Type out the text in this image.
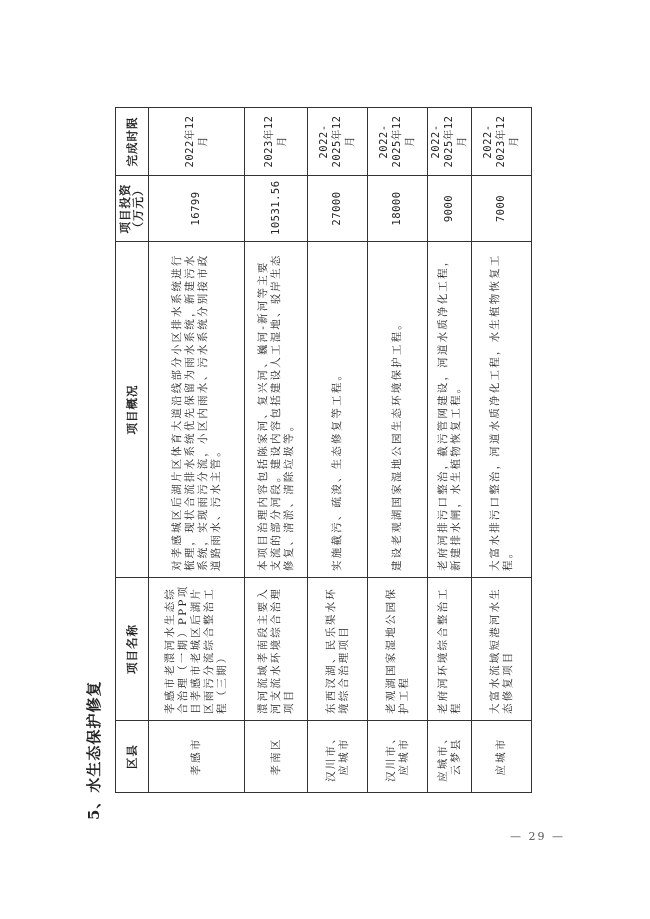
5、水生态保护修复 区县	项目名称	项目概况	项目投资（万元）	完成时限
孝感市	孝感市老澴河水生态综合治理（一期）PPP项目孝感市老城区后湖片区雨污分流综合整治工程（三期）	对孝感城区后湖片区体育大道沿线部分小区排水系统进行梳理，现状合流排水系统优先保留为雨水系统，新建污水系统，实现雨污分流，小区内雨水、污水系统分别接市政道路雨水、污水主管。	16799	2022年12月
孝南区	澴河流域孝南段主要入河支流水环境综合治理项目	本项目治理内容包括陈家河、复兴河、巍河-新河等主要支流的部分河段。建设内容包括建设人工湿地、驳岸生态修复、清淤、清除垃圾等。	10531.56	2023年12月
汉川市、应城市	东西汊湖、民乐渠水环境综合治理项目	实施截污、疏浚、生态修复等工程。	27000	2022-2025年12月
汉川市、应城市	老观湖国家湿地公园保护工程	建设老观湖国家湿地公园生态环境保护工程。	18000	2022-2025年12月
应城市、云梦县	老府河环境综合整治工程	老府河排污口整治，截污管网建设，河道水质净化工程，新建排水闸，水生植物恢复工程。	9000	2022-2025年12月
应城市	大富水流域短港河水生态修复项目	大富水排污口整治，河道水质净化工程，水生植物恢复工程。	7000	2022-2023年12月
— 29 —
